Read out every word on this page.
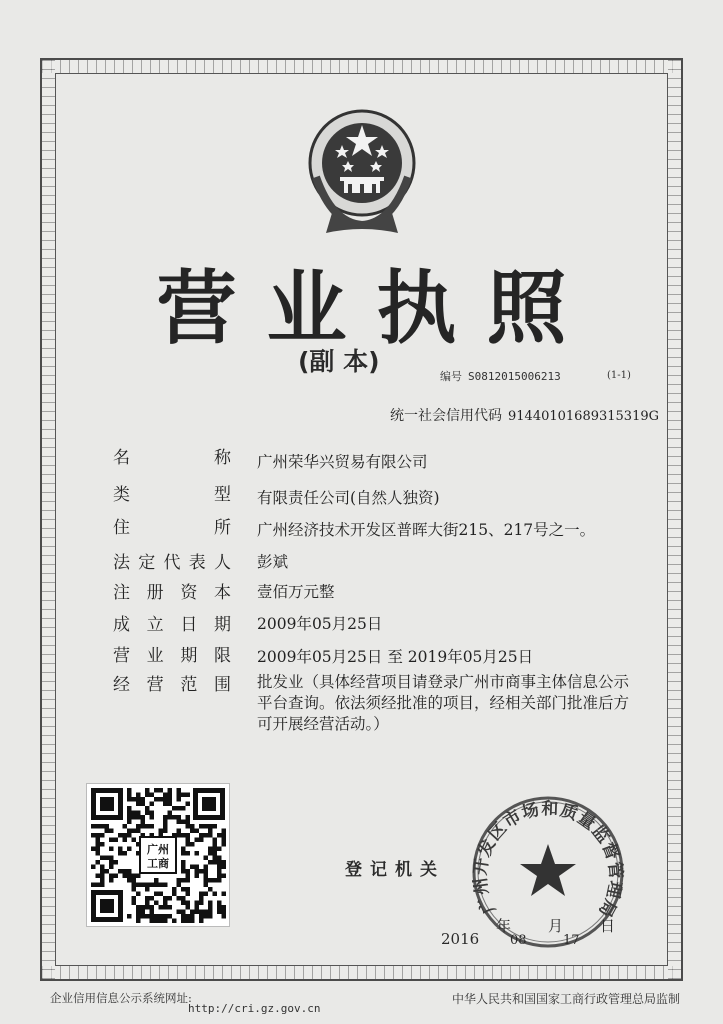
营业执照
(副 本)
编号 S0812015006213	(1-1)
统一社会信用代码 91440101689315319G
名	称 广州荣华兴贸易有限公司
类	型 有限责任公司(自然人独资)
住	所 广州经济技术开发区普晖大街215、217号之一。
法 定 代 表 人 彭斌
注 册 资 本 壹佰万元整
成 立 日 期 2009年05月25日
营 业 期 限 2009年05月25日 至 2019年05月25日
经 营 范 围 批发业（具体经营项目请登录广州市商事主体信息公示平台查询。依法须经批准的项目，经相关部门批准后方可开展经营活动。）
广州
工商	登记机关
广州开发区市场和质量监督管理局
2016
年
08
月
17
日
企业信用信息公示系统网址:
http://cri.gz.gov.cn
中华人民共和国国家工商行政管理总局监制
